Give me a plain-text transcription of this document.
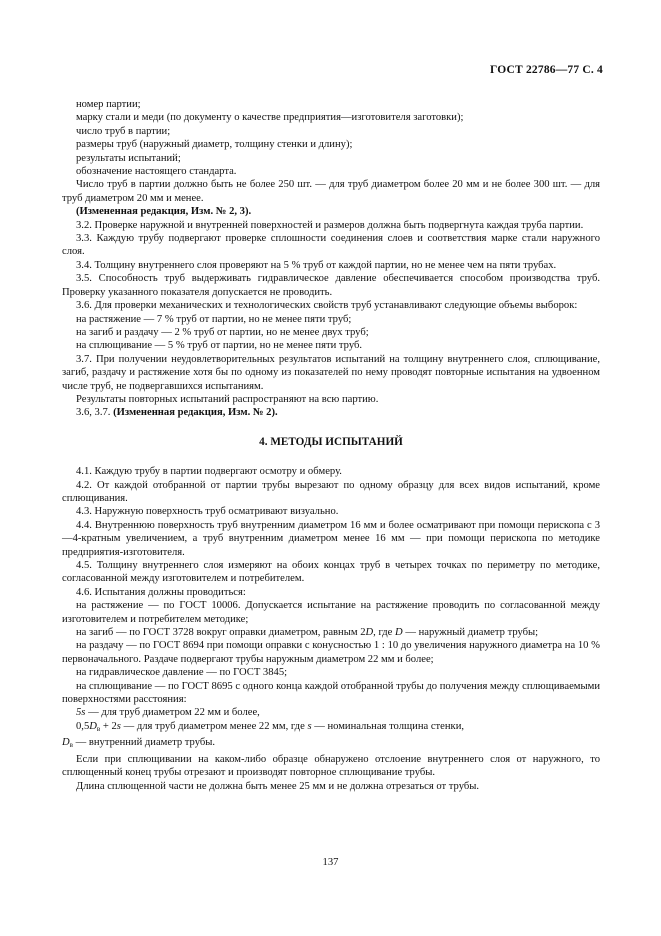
ГОСТ 22786—77 С. 4

номер партии;

марку стали и меди (по документу о качестве предприятия—изготовителя заготовки);

число труб в партии;

размеры труб (наружный диаметр, толщину стенки и длину);

результаты испытаний;

обозначение настоящего стандарта.

Число труб в партии должно быть не более 250 шт. — для труб диаметром более 20 мм и не более 300 шт. — для труб диаметром 20 мм и менее.

(Измененная редакция, Изм. № 2, 3).

3.2. Проверке наружной и внутренней поверхностей и размеров должна быть подвергнута каждая труба партии.

3.3. Каждую трубу подвергают проверке сплошности соединения слоев и соответствия марке стали наружного слоя.

3.4. Толщину внутреннего слоя проверяют на 5 % труб от каждой партии, но не менее чем на пяти трубах.

3.5. Способность труб выдерживать гидравлическое давление обеспечивается способом производства труб. Проверку указанного показателя допускается не проводить.

3.6. Для проверки механических и технологических свойств труб устанавливают следующие объемы выборок:

на растяжение — 7 % труб от партии, но не менее пяти труб;

на загиб и раздачу — 2 % труб от партии, но не менее двух труб;

на сплющивание — 5 % труб от партии, но не менее пяти труб.

3.7. При получении неудовлетворительных результатов испытаний на толщину внутреннего слоя, сплющивание, загиб, раздачу и растяжение хотя бы по одному из показателей по нему проводят повторные испытания на удвоенном числе труб, не подвергавшихся испытаниям.

Результаты повторных испытаний распространяют на всю партию.

3.6, 3.7. (Измененная редакция, Изм. № 2).

4. МЕТОДЫ ИСПЫТАНИЙ

4.1. Каждую трубу в партии подвергают осмотру и обмеру.

4.2. От каждой отобранной от партии трубы вырезают по одному образцу для всех видов испытаний, кроме сплющивания.

4.3. Наружную поверхность труб осматривают визуально.

4.4. Внутреннюю поверхность труб внутренним диаметром 16 мм и более осматривают при помощи перископа с 3—4-кратным увеличением, а труб внутренним диаметром менее 16 мм — при помощи перископа по методике предприятия-изготовителя.

4.5. Толщину внутреннего слоя измеряют на обоих концах труб в четырех точках по периметру по методике, согласованной между изготовителем и потребителем.

4.6. Испытания должны проводиться:

на растяжение — по ГОСТ 10006. Допускается испытание на растяжение проводить по согласованной между изготовителем и потребителем методике;

на загиб — по ГОСТ 3728 вокруг оправки диаметром, равным 2D, где D — наружный диаметр трубы;

на раздачу — по ГОСТ 8694 при помощи оправки с конусностью 1 : 10 до увеличения наружного диаметра на 10 % первоначального. Раздаче подвергают трубы наружным диаметром 22 мм и более;

на гидравлическое давление — по ГОСТ 3845;

на сплющивание — по ГОСТ 8695 с одного конца каждой отобранной трубы до получения между сплющиваемыми поверхностями расстояния:

5s — для труб диаметром 22 мм и более,

$0,5D_в + 2s$ — для труб диаметром менее 22 мм, где s — номинальная толщина стенки,

$D_в$ — внутренний диаметр трубы.

Если при сплющивании на каком-либо образце обнаружено отслоение внутреннего слоя от наружного, то сплющенный конец трубы отрезают и производят повторное сплющивание трубы.

Длина сплющенной части не должна быть менее 25 мм и не должна отрезаться от трубы.

137
